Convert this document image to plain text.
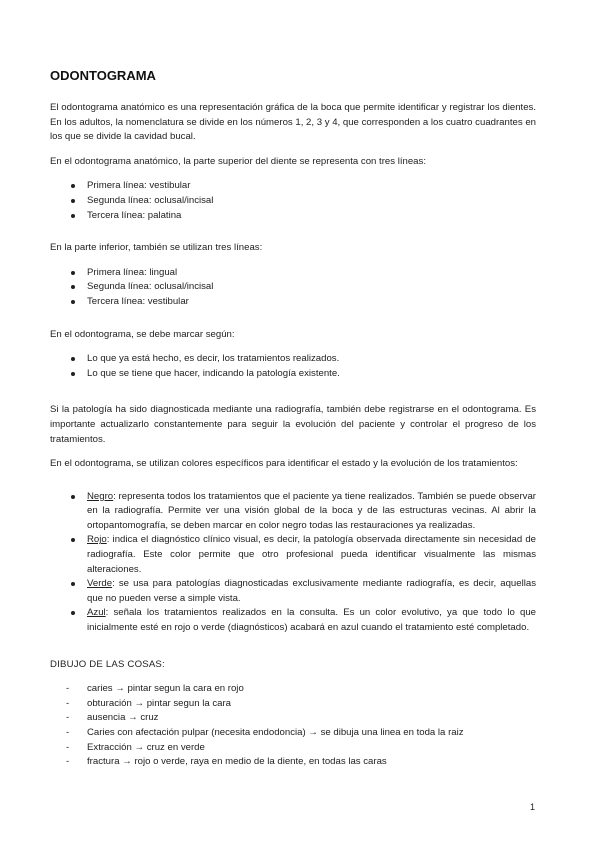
ODONTOGRAMA

El odontograma anatómico es una representación gráfica de la boca que permite identificar y registrar los dientes. En los adultos, la nomenclatura se divide en los números 1, 2, 3 y 4, que corresponden a los cuatro cuadrantes en los que se divide la cavidad bucal.

En el odontograma anatómico, la parte superior del diente se representa con tres líneas:

Primera línea: vestibular
Segunda línea: oclusal/incisal
Tercera línea: palatina

En la parte inferior, también se utilizan tres líneas:

Primera línea: lingual
Segunda línea: oclusal/incisal
Tercera línea: vestibular

En el odontograma, se debe marcar según:

Lo que ya está hecho, es decir, los tratamientos realizados.
Lo que se tiene que hacer, indicando la patología existente.

Si la patología ha sido diagnosticada mediante una radiografía, también debe registrarse en el odontograma. Es importante actualizarlo constantemente para seguir la evolución del paciente y controlar el progreso de los tratamientos.

En el odontograma, se utilizan colores específicos para identificar el estado y la evolución de los tratamientos:

Negro: representa todos los tratamientos que el paciente ya tiene realizados. También se puede observar en la radiografía. Permite ver una visión global de la boca y de las estructuras vecinas. Al abrir la ortopantomografía, se deben marcar en color negro todas las restauraciones ya realizadas.
Rojo: indica el diagnóstico clínico visual, es decir, la patología observada directamente sin necesidad de radiografía. Este color permite que otro profesional pueda identificar visualmente las mismas alteraciones.
Verde: se usa para patologías diagnosticadas exclusivamente mediante radiografía, es decir, aquellas que no pueden verse a simple vista.
Azul: señala los tratamientos realizados en la consulta. Es un color evolutivo, ya que todo lo que inicialmente esté en rojo o verde (diagnósticos) acabará en azul cuando el tratamiento esté completado.

DIBUJO DE LAS COSAS:

- caries → pintar segun la cara en rojo
- obturación → pintar segun la cara
- ausencia → cruz
- Caries con afectación pulpar (necesita endodoncia) → se dibuja una linea en toda la raiz
- Extracción → cruz en verde
- fractura → rojo o verde, raya en medio de la diente, en todas las caras
1
